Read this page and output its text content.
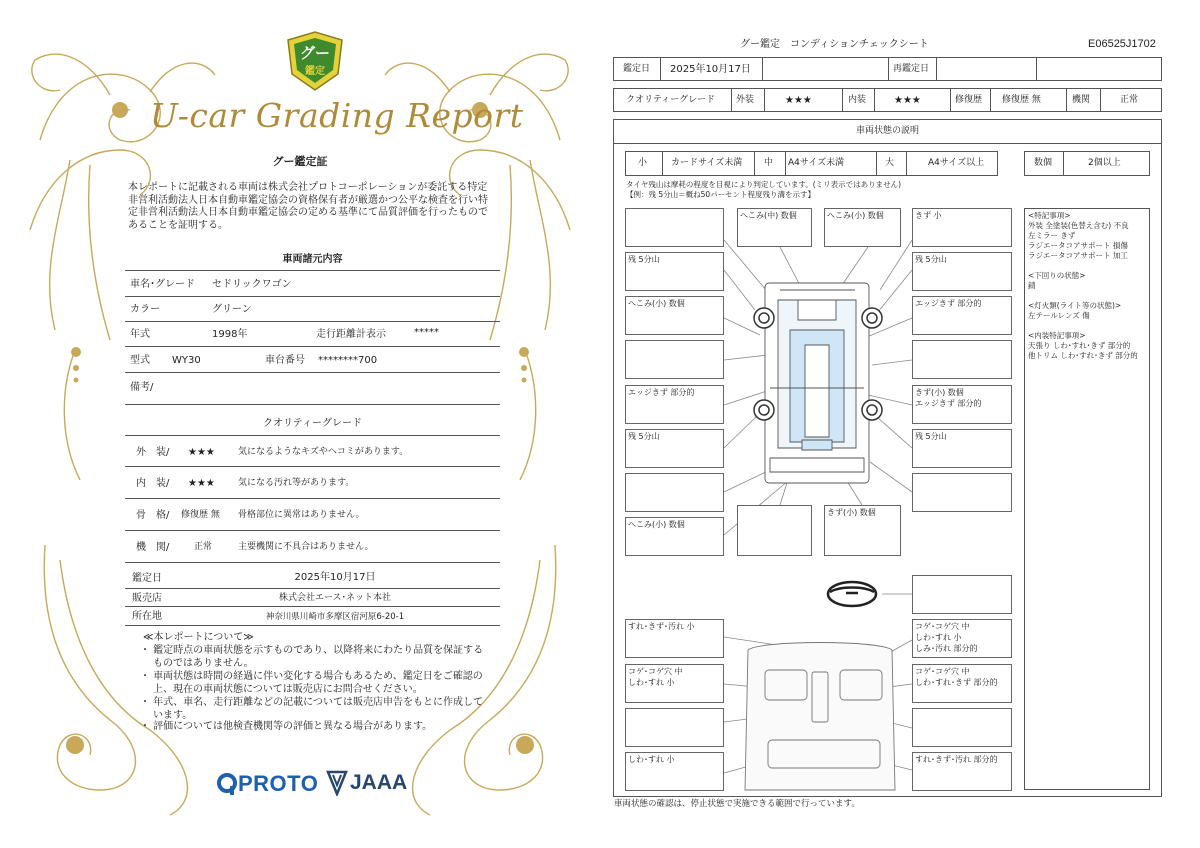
グー
鑑定
U-car Grading Report
グー鑑定証
本レポートに記載される車両は株式会社プロトコーポレーションが委託する特定非営利活動法人日本自動車鑑定協会の資格保有者が厳選かつ公平な検査を行い特定非営利活動法人日本自動車鑑定協会の定める基準にて品質評価を行ったものであることを証明する。
車両諸元内容
車名･グレード セドリックワゴン
カラー	グリーン
年式	1998年	走行距離計表示	*****
型式 WY30	車台番号 ********700
備考/
クオリティーグレード
外　装/ ★★★	気になるようなキズやヘコミがあります。
内　装/ ★★★	気になる汚れ等があります。
骨　格/ 修復歴 無 骨格部位に異常はありません。
機　関/	正常	主要機関に不具合はありません。
鑑定日	2025年10月17日
販売店	株式会社エース･ネット本社
所在地	神奈川県川崎市多摩区宿河原6-20-1
≪本レポートについて≫
・ 鑑定時点の車両状態を示すものであり、以降将来にわたり品質を保証するものではありません。
・ 車両状態は時間の経過に伴い変化する場合もあるため、鑑定日をご確認の上、現在の車両状態については販売店にお問合せください。
・ 年式、車名、走行距離などの記載については販売店申告をもとに作成しています。
・ 評価については他検査機関等の評価と異なる場合があります。
PROTO JAAA
グー鑑定　コンディションチェックシート	E06525J1702
鑑定日 2025年10月17日	再鑑定日
クオリティーグレード 外装	★★★	内装	★★★	修復歴 修復歴 無	機関	正常
車両状態の説明
小	カードサイズ未満 中 A4サイズ未満	大	A4サイズ以上	数個	2個以上
タイヤ残山は摩耗の程度を目視により判定しています。(ミリ表示ではありません)
【例：残 5分山＝概ね50パーセント程度残り溝を示す】
<特記事項>
外装 全塗装(色替え含む) 不良
左ミラー きず
ラジエータコアサポート 損傷
ラジエータコアサポート 加工
<下回りの状態>
錆
<灯火類(ライト等の状態)>
左テールレンズ 傷
<内装特記事項>
天張り しわ･すれ･きず 部分的
他トリム しわ･すれ･きず 部分的
へこみ(中) 数個	へこみ(小) 数個	きず 小
残 5分山	残 5分山
へこみ(小) 数個	エッジきず 部分的
エッジきず 部分的	きず(小) 数個
エッジきず 部分的
残 5分山	残 5分山
へこみ(小) 数個
きず(小) 数個
すれ･きず･汚れ 小	コゲ･コゲ穴 中
しわ･すれ 小
しみ･汚れ 部分的
コゲ･コゲ穴 中
しわ･すれ 小
コゲ･コゲ穴 中
しわ･すれ･きず 部分的
しわ･すれ 小	すれ･きず･汚れ 部分的
車両状態の確認は、停止状態で実施できる範囲で行っています。
